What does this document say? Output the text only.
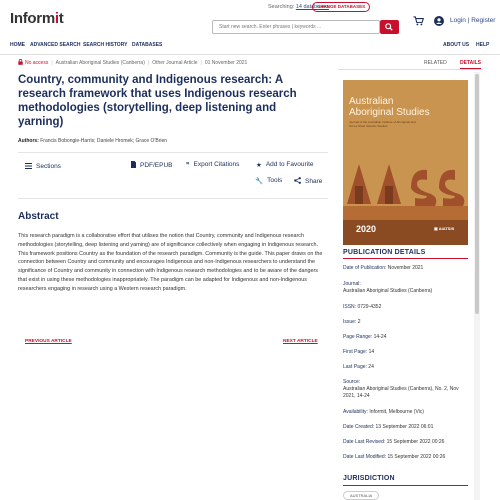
Informit
Searching: 14 databases
CHANGE DATABASES
Start new search. Enter phrases | keywords ...
Login | Register
HOME ADVANCED SEARCH SEARCH HISTORY DATABASES	ABOUT US HELP
No access | Australian Aboriginal Studies (Canberra) | Other Journal Article | 01 November 2021
Country, community and Indigenous research: A research framework that uses Indigenous research methodologies (storytelling, deep listening and yarning)
Authors: Francis Bobongie-Harris; Daniele Hromek; Grace O'Brien
Sections	PDF/EPUB ❞ Export Citations	★ Add to Favourite
🔧 Tools	Share
Abstract

This research paradigm is a collaborative effort that utilises the notion that Country, community and Indigenous research methodologies (storytelling, deep listening and yarning) are of significance collectively when engaging in Indigenous research. This framework positions Country as the foundation of the research paradigm. Community is the guide. This paper draws on the connection between Country and community and encourages Indigenous and non-Indigenous researchers to understand the significance of Country and community in connection with Indigenous research methodologies and to be aware of the dangers that exist in using these methodologies inappropriately. The paradigm can be adapted for Indigenous and non-Indigenous researchers engaging in research using a Western research paradigm.

PREVIOUS ARTICLE	NEXT ARTICLE
RELATED	DETAILS
Australian
Aboriginal Studies
Journal of the Australian Institute of Aboriginal and Torres Strait Islander Studies
2020	▣ AIATSIS
PUBLICATION DETAILS
Date of Publication: November 2021
Journal:
Australian Aboriginal Studies (Canberra)
ISSN: 0729-4352
Issue: 2
Page Range: 14-24
First Page: 14
Last Page: 24
Source:
Australian Aboriginal Studies (Canberra), No. 2, Nov 2021, 14-24
Availability: Informit, Melbourne (Vic)
Date Created: 13 September 2022 06:01
Date Last Revised: 15 September 2022 00:26
Date Last Modified: 15 September 2022 00:26
JURISDICTION
AUSTRALIA
